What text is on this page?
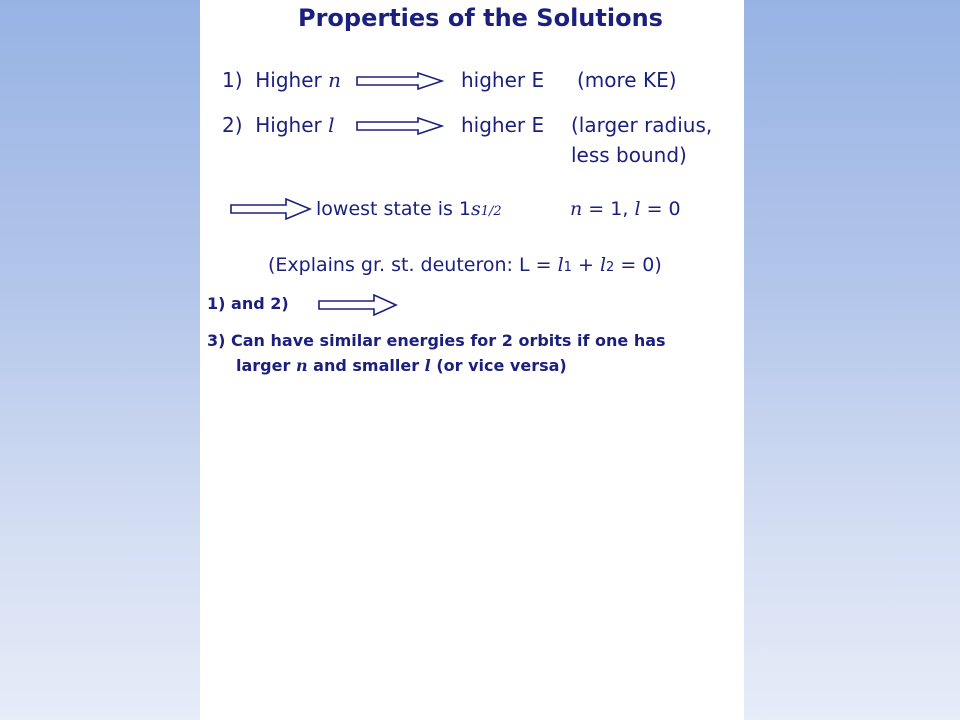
Properties of the Solutions
1) Higher n	higher E (more KE)
2) Higher l	higher E (larger radius,
less bound)
lowest state is 1s1/2	n = 1, l = 0
(Explains gr. st. deuteron: L = l1 + l2 = 0)
1) and 2)
3) Can have similar energies for 2 orbits if one has
larger n and smaller l (or vice versa)
